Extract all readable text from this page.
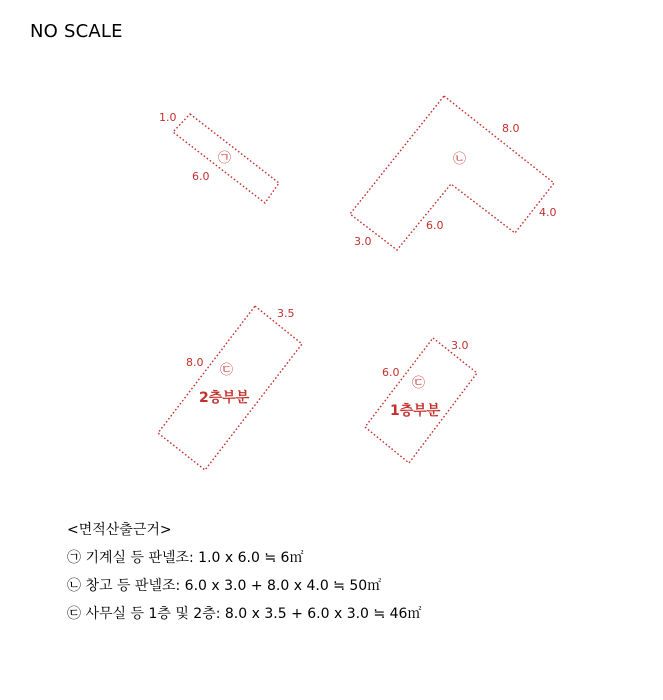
NO SCALE
1.0
6.0
㉠
8.0
4.0
6.0
3.0
㉡
3.5
8.0
㉢
2층부분
3.0
6.0
㉢
1층부분
<면적산출근거>
㉠ 기계실 등 판넬조: 1.0 x 6.0 ≒ 6㎡
㉡ 창고 등 판넬조: 6.0 x 3.0 + 8.0 x 4.0 ≒ 50㎡
㉢ 사무실 등 1층 및 2층: 8.0 x 3.5 + 6.0 x 3.0 ≒ 46㎡
